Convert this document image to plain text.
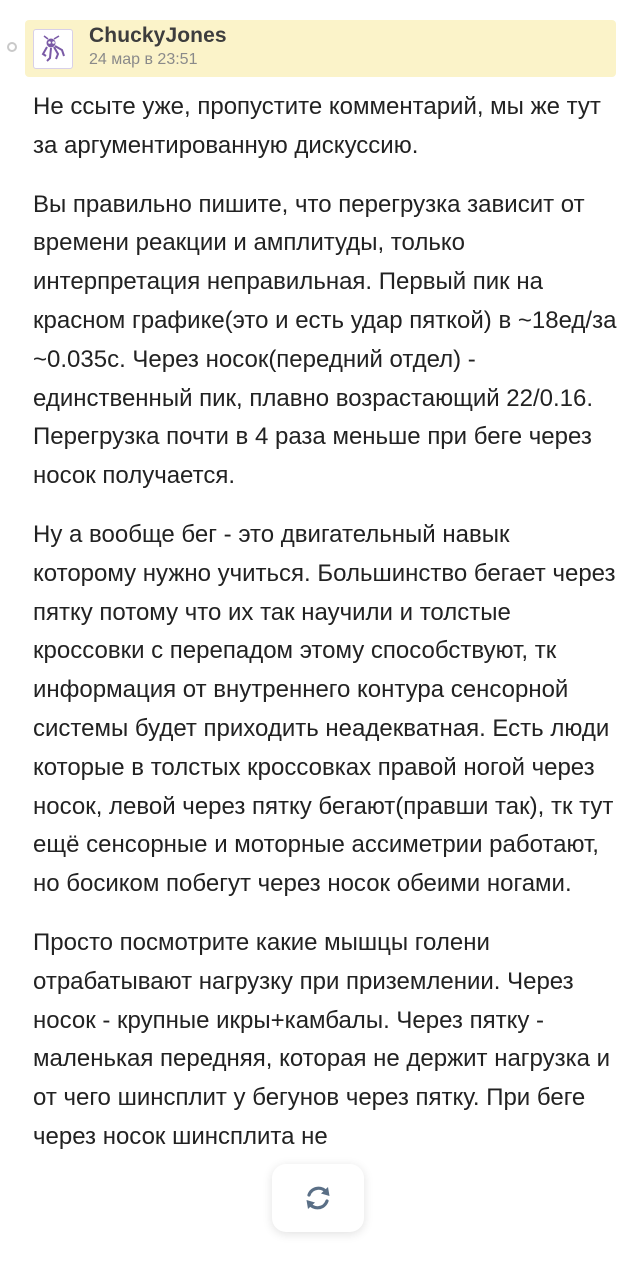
ChuckyJones
24 мар в 23:51

Не ссыте уже, пропустите комментарий, мы же тут за аргументированную дискуссию.

Вы правильно пишите, что перегрузка зависит от времени реакции и амплитуды, только интерпретация неправильная. Первый пик на красном графике(это и есть удар пяткой) в ~18ед/за ~0.035с. Через носок(передний отдел) - единственный пик, плавно возрастающий 22/0.16. Перегрузка почти в 4 раза меньше при беге через носок получается.

Ну а вообще бег - это двигательный навык которому нужно учиться. Большинство бегает через пятку потому что их так научили и толстые кроссовки с перепадом этому способствуют, тк информация от внутреннего контура сенсорной системы будет приходить неадекватная. Есть люди которые в толстых кроссовках правой ногой через носок, левой через пятку бегают(правши так), тк тут ещё сенсорные и моторные ассиметрии работают, но босиком побегут через носок обеими ногами.

Просто посмотрите какие мышцы голени отрабатывают нагрузку при приземлении. Через носок - крупные икры+камбалы. Через пятку - маленькая передняя, которая не держит нагрузка и от чего шинсплит у бегунов через пятку. При беге через носок шинсплита не
